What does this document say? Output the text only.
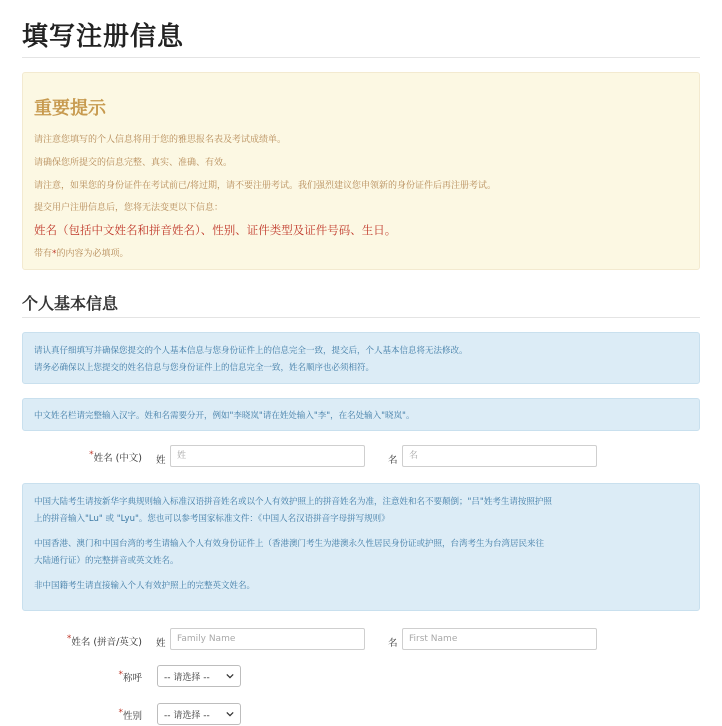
填写注册信息
重要提示
请注意您填写的个人信息将用于您的雅思报名表及考试成绩单。
请确保您所提交的信息完整、真实、准确、有效。
请注意，如果您的身份证件在考试前已/将过期，请不要注册考试。我们强烈建议您申领新的身份证件后再注册考试。
提交用户注册信息后，您将无法变更以下信息：
姓名（包括中文姓名和拼音姓名）、性别、证件类型及证件号码、生日。
带有*的内容为必填项。
个人基本信息
请认真仔细填写并确保您提交的个人基本信息与您身份证件上的信息完全一致，提交后，个人基本信息将无法修改。
请务必确保以上您提交的姓名信息与您身份证件上的信息完全一致，姓名顺序也必须相符。
中文姓名栏请完整输入汉字。姓和名需要分开，例如"李晓岚"请在姓处输入"李"，在名处输入"晓岚"。
*姓名 (中文) 姓
姓	名
名
中国大陆考生请按新华字典规则输入标准汉语拼音姓名或以个人有效护照上的拼音姓名为准，注意姓和名不要颠倒；"吕"姓考生请按照护照
上的拼音输入"Lu" 或 "Lyu"。您也可以参考国家标准文件：《中国人名汉语拼音字母拼写规则》
中国香港、澳门和中国台湾的考生请输入个人有效身份证件上（香港澳门考生为港澳永久性居民身份证或护照，台湾考生为台湾居民来往
大陆通行证）的完整拼音或英文姓名。
非中国籍考生请直接输入个人有效护照上的完整英文姓名。
*姓名 (拼音/英文) 姓
Family Name	名
First Name
*称呼 -- 请选择 --
*性别 -- 请选择 --
